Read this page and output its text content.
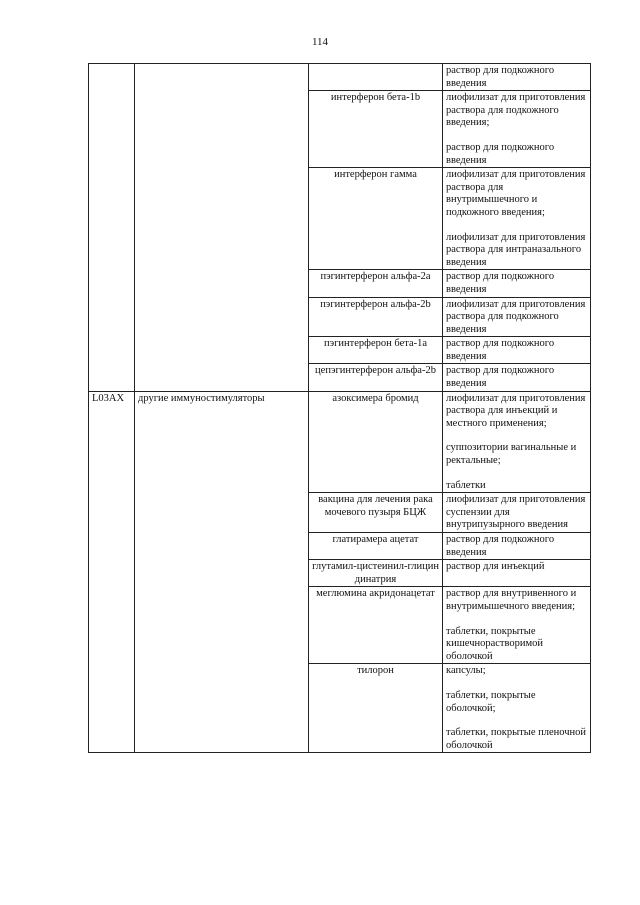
114

			раствор для подкожного введения

		интерферон бета-1b	лиофилизат для приготовления раствора для подкожного введения;

раствор для подкожного введения

		интерферон гамма	лиофилизат для приготовления раствора для внутримышечного и подкожного введения;

лиофилизат для приготовления раствора для интраназального введения

		пэгинтерферон альфа-2a	раствор для подкожного введения

		пэгинтерферон альфа-2b	лиофилизат для приготовления раствора для подкожного введения

		пэгинтерферон бета-1a	раствор для подкожного введения

		цепэгинтерферон альфа-2b	раствор для подкожного введения

L03AX	другие иммуностимуляторы	азоксимера бромид	лиофилизат для приготовления раствора для инъекций и местного применения;

суппозитории вагинальные и ректальные;

таблетки

		вакцина для лечения рака мочевого пузыря БЦЖ	лиофилизат для приготовления суспензии для внутрипузырного введения

		глатирамера ацетат	раствор для подкожного введения

		глутамил-цистеинил-глицин динатрия	раствор для инъекций

		меглюмина акридонацетат	раствор для внутривенного и внутримышечного введения;

таблетки, покрытые кишечнорастворимой оболочкой

		тилорон	капсулы;

таблетки, покрытые оболочкой;

таблетки, покрытые пленочной оболочкой
